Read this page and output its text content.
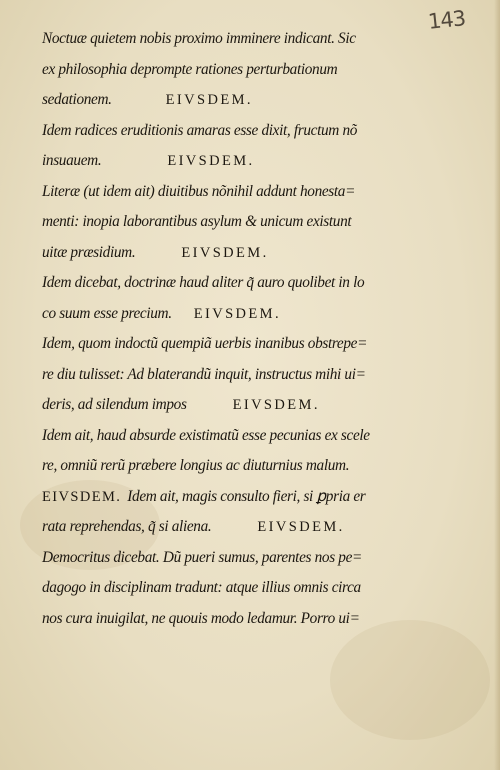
143
Noctuæ quietem nobis proximo imminere indicant. Sic
ex philosophia deprompte rationes perturbationum
sedationem.	EIVSDEM.
Idem radices eruditionis amaras esse dixit, fructum nõ
insuauem.	EIVSDEM.
Literæ (ut idem ait) diuitibus nõnihil addunt honesta=
menti: inopia laborantibus asylum & unicum existunt
uitæ præsidium.	EIVSDEM.
Idem dicebat, doctrinæ haud aliter q̃ auro quolibet in lo
co suum esse precium. EIVSDEM.
Idem, quom indoctũ quempiã uerbis inanibus obstrepe=
re diu tulisset: Ad blaterandũ inquit, instructus mihi ui=
deris, ad silendum impos	EIVSDEM.
Idem ait, haud absurde existimatũ esse pecunias ex scele
re, omniũ rerũ præbere longius ac diuturnius malum.
EIVSDEM. Idem ait, magis consulto fieri, si ꝑpria er
rata reprehendas, q̃ si aliena.	EIVSDEM.
Democritus dicebat. Dũ pueri sumus, parentes nos pe=
dagogo in disciplinam tradunt: atque illius omnis circa
nos cura inuigilat, ne quouis modo ledamur. Porro ui=
